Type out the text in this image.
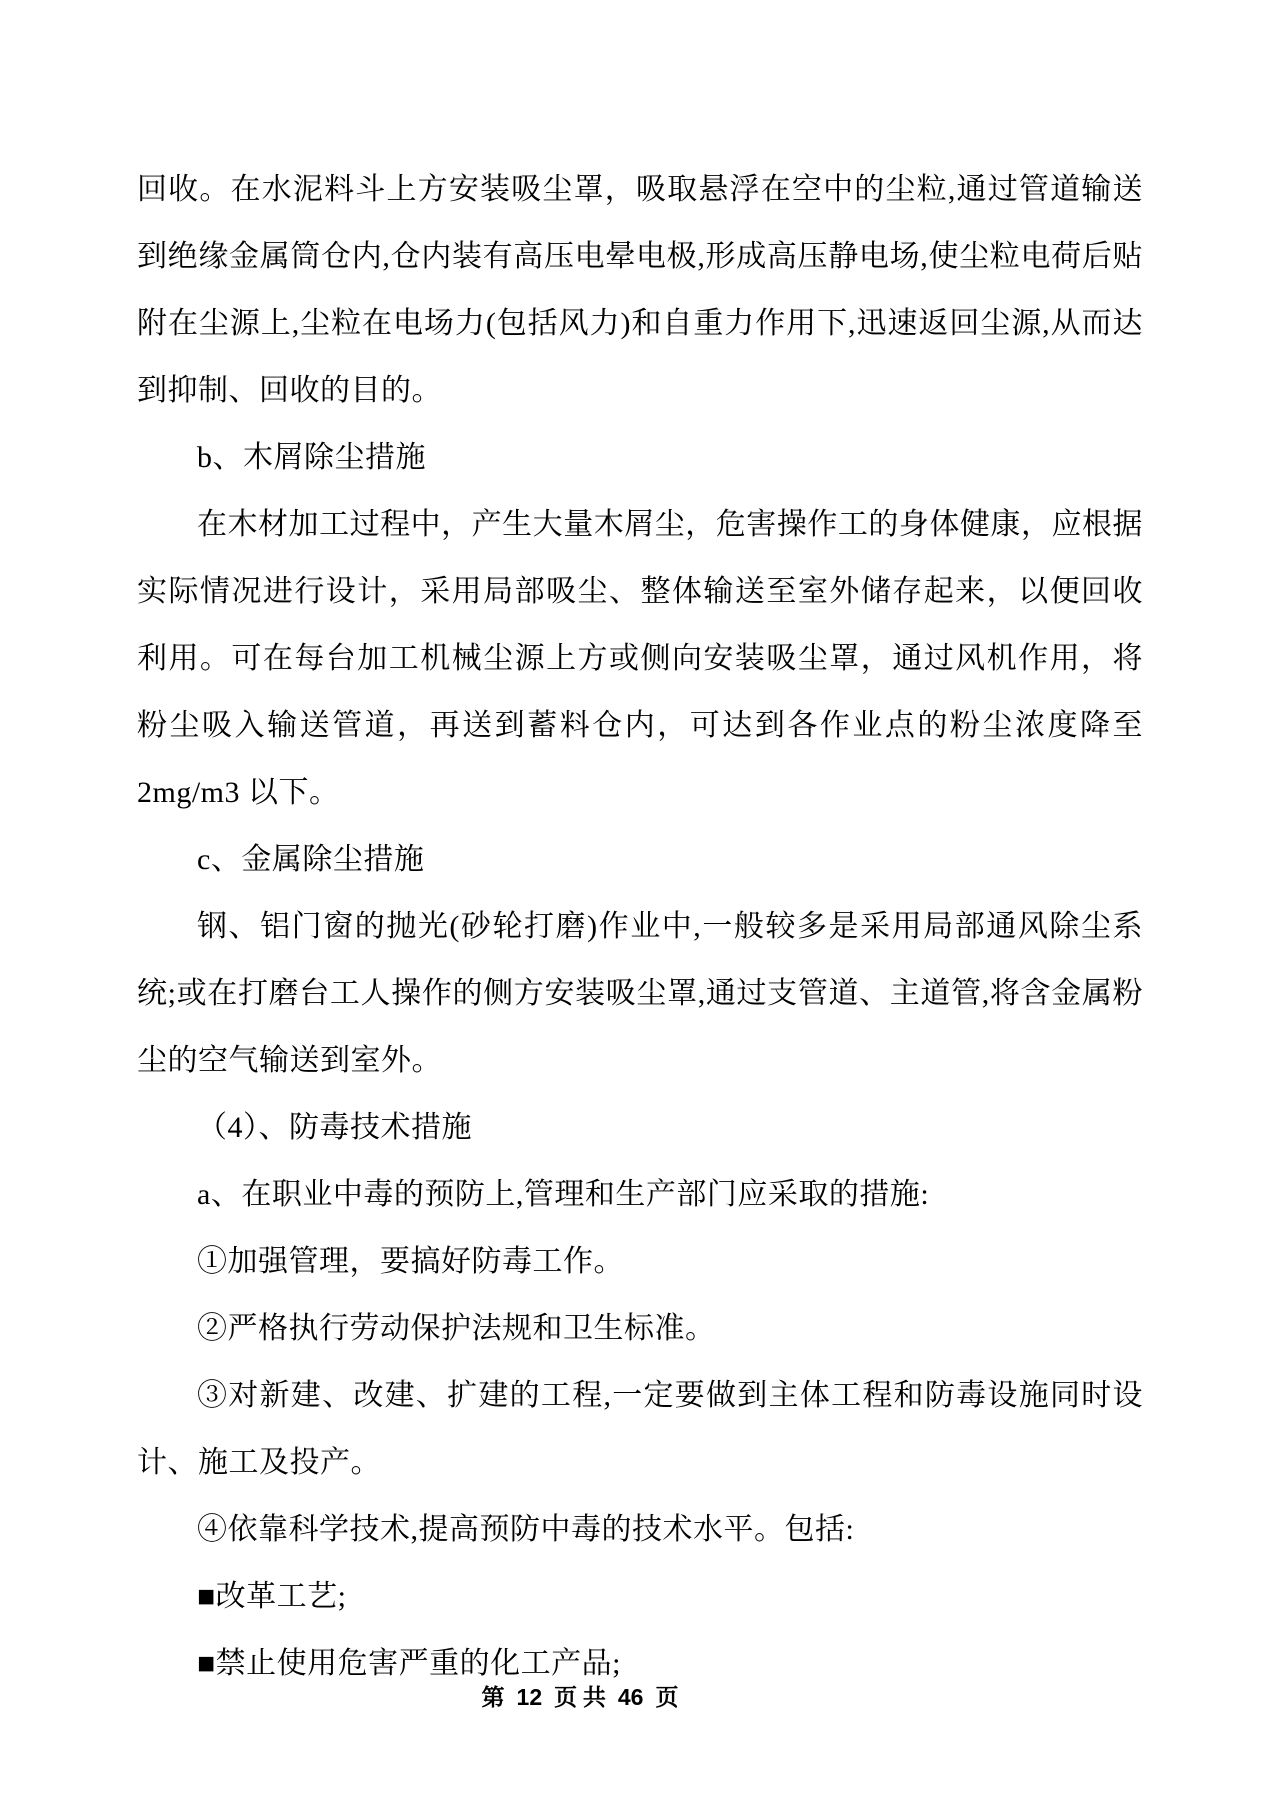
回收。在水泥料斗上方安装吸尘罩，吸取悬浮在空中的尘粒,通过管道输送到绝缘金属筒仓内,仓内装有高压电晕电极,形成高压静电场,使尘粒电荷后贴附在尘源上,尘粒在电场力(包括风力)和自重力作用下,迅速返回尘源,从而达到抑制、回收的目的。

b、木屑除尘措施

在木材加工过程中，产生大量木屑尘，危害操作工的身体健康，应根据实际情况进行设计，采用局部吸尘、整体输送至室外储存起来，以便回收利用。可在每台加工机械尘源上方或侧向安装吸尘罩，通过风机作用，将粉尘吸入输送管道，再送到蓄料仓内，可达到各作业点的粉尘浓度降至 2mg/m3 以下。

c、金属除尘措施

钢、铝门窗的抛光(砂轮打磨)作业中,一般较多是采用局部通风除尘系统;或在打磨台工人操作的侧方安装吸尘罩,通过支管道、主道管,将含金属粉尘的空气输送到室外。

（4）、防毒技术措施

a、在职业中毒的预防上,管理和生产部门应采取的措施:

①加强管理，要搞好防毒工作。

②严格执行劳动保护法规和卫生标准。

③对新建、改建、扩建的工程,一定要做到主体工程和防毒设施同时设计、施工及投产。

④依靠科学技术,提高预防中毒的技术水平。包括:

■改革工艺;

■禁止使用危害严重的化工产品;

第 12 页 共 46 页
